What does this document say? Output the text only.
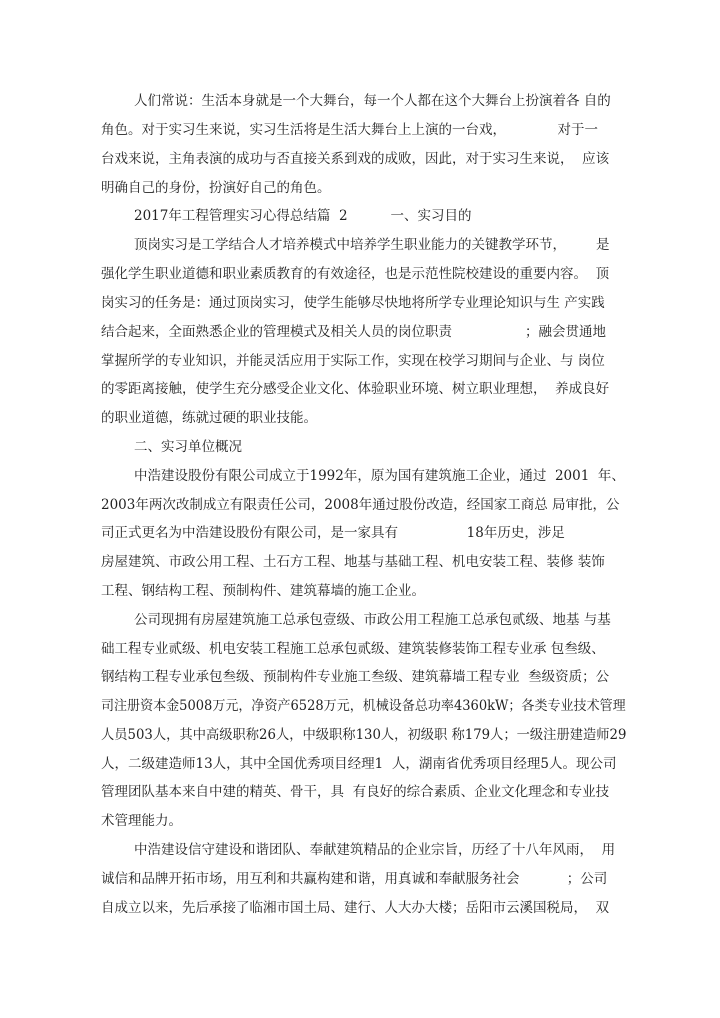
人们常说：生活本身就是一个大舞台，每一个人都在这个大舞台上扮演着各 自的
角色。对于实习生来说，实习生活将是生活大舞台上上演的一台戏，            对于一
台戏来说，主角表演的成功与否直接关系到戏的成败，因此，对于实习生来说，  应该
明确自己的身份，扮演好自己的角色。
2017年工程管理实习心得总结篇  2          一、实习目的
顶岗实习是工学结合人才培养模式中培养学生职业能力的关键教学环节，       是
强化学生职业道德和职业素质教育的有效途径，也是示范性院校建设的重要内容。  顶
岗实习的任务是：通过顶岗实习，使学生能够尽快地将所学专业理论知识与生 产实践
结合起来，全面熟悉企业的管理模式及相关人员的岗位职责                 ；融会贯通地
掌握所学的专业知识，并能灵活应用于实际工作，实现在校学习期间与企业、与 岗位
的零距离接触，使学生充分感受企业文化、体验职业环境、树立职业理想，  养成良好
的职业道德，练就过硬的职业技能。
二、实习单位概况
中浩建设股份有限公司成立于1992年，原为国有建筑施工企业，通过  2001  年、
2003年两次改制成立有限责任公司，2008年通过股份改造，经国家工商总 局审批，公
司正式更名为中浩建设股份有限公司，是一家具有                18年历史，涉足
房屋建筑、市政公用工程、土石方工程、地基与基础工程、机电安装工程、装修 装饰
工程、钢结构工程、预制构件、建筑幕墙的施工企业。
公司现拥有房屋建筑施工总承包壹级、市政公用工程施工总承包贰级、地基 与基
础工程专业贰级、机电安装工程施工总承包贰级、建筑装修装饰工程专业承 包叁级、
钢结构工程专业承包叁级、预制构件专业施工叁级、建筑幕墙工程专业  叁级资质；公
司注册资本金5008万元，净资产6528万元，机械设备总功率4360kW；各类专业技术管理
人员503人，其中高级职称26人，中级职称130人，初级职 称179人；一级注册建造师29
人，二级建造师13人，其中全国优秀项目经理1  人，湖南省优秀项目经理5人。现公司
管理团队基本来自中建的精英、骨干，具  有良好的综合素质、企业文化理念和专业技
术管理能力。
中浩建设信守建设和谐团队、奉献建筑精品的企业宗旨，历经了十八年风雨，  用
诚信和品牌开拓市场，用互利和共赢构建和谐，用真诚和奉献服务社会           ；公司
自成立以来，先后承接了临湘市国土局、建行、人大办大楼；岳阳市云溪国税局，  双
